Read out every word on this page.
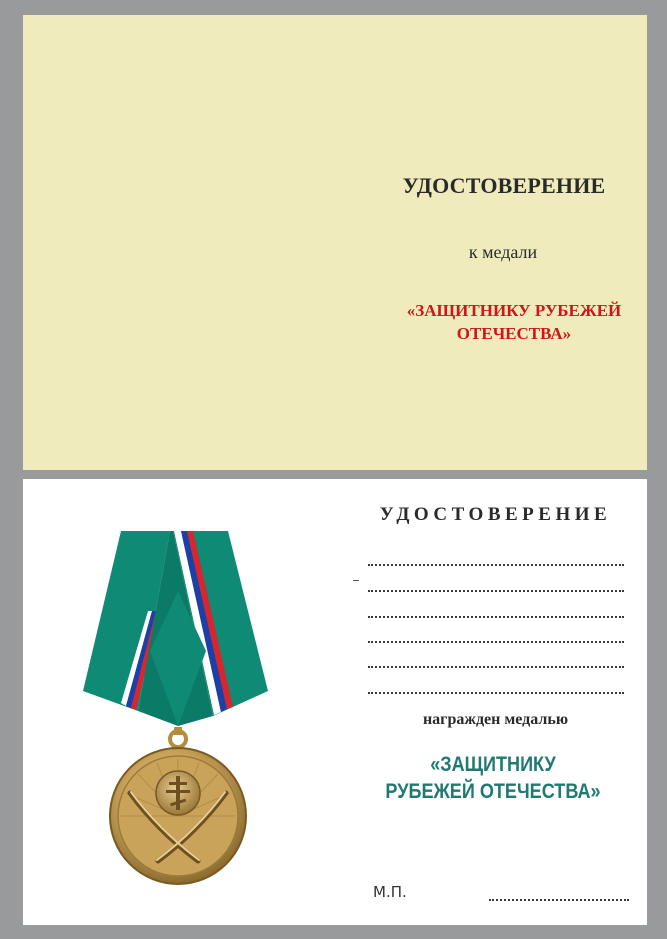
УДОСТОВЕРЕНИЕ
к медали
«ЗАЩИТНИКУ РУБЕЖЕЙ
ОТЕЧЕСТВА»
УДОСТОВЕРЕНИЕ
награжден медалью
«ЗАЩИТНИКУ
РУБЕЖЕЙ ОТЕЧЕСТВА»
М.П.
